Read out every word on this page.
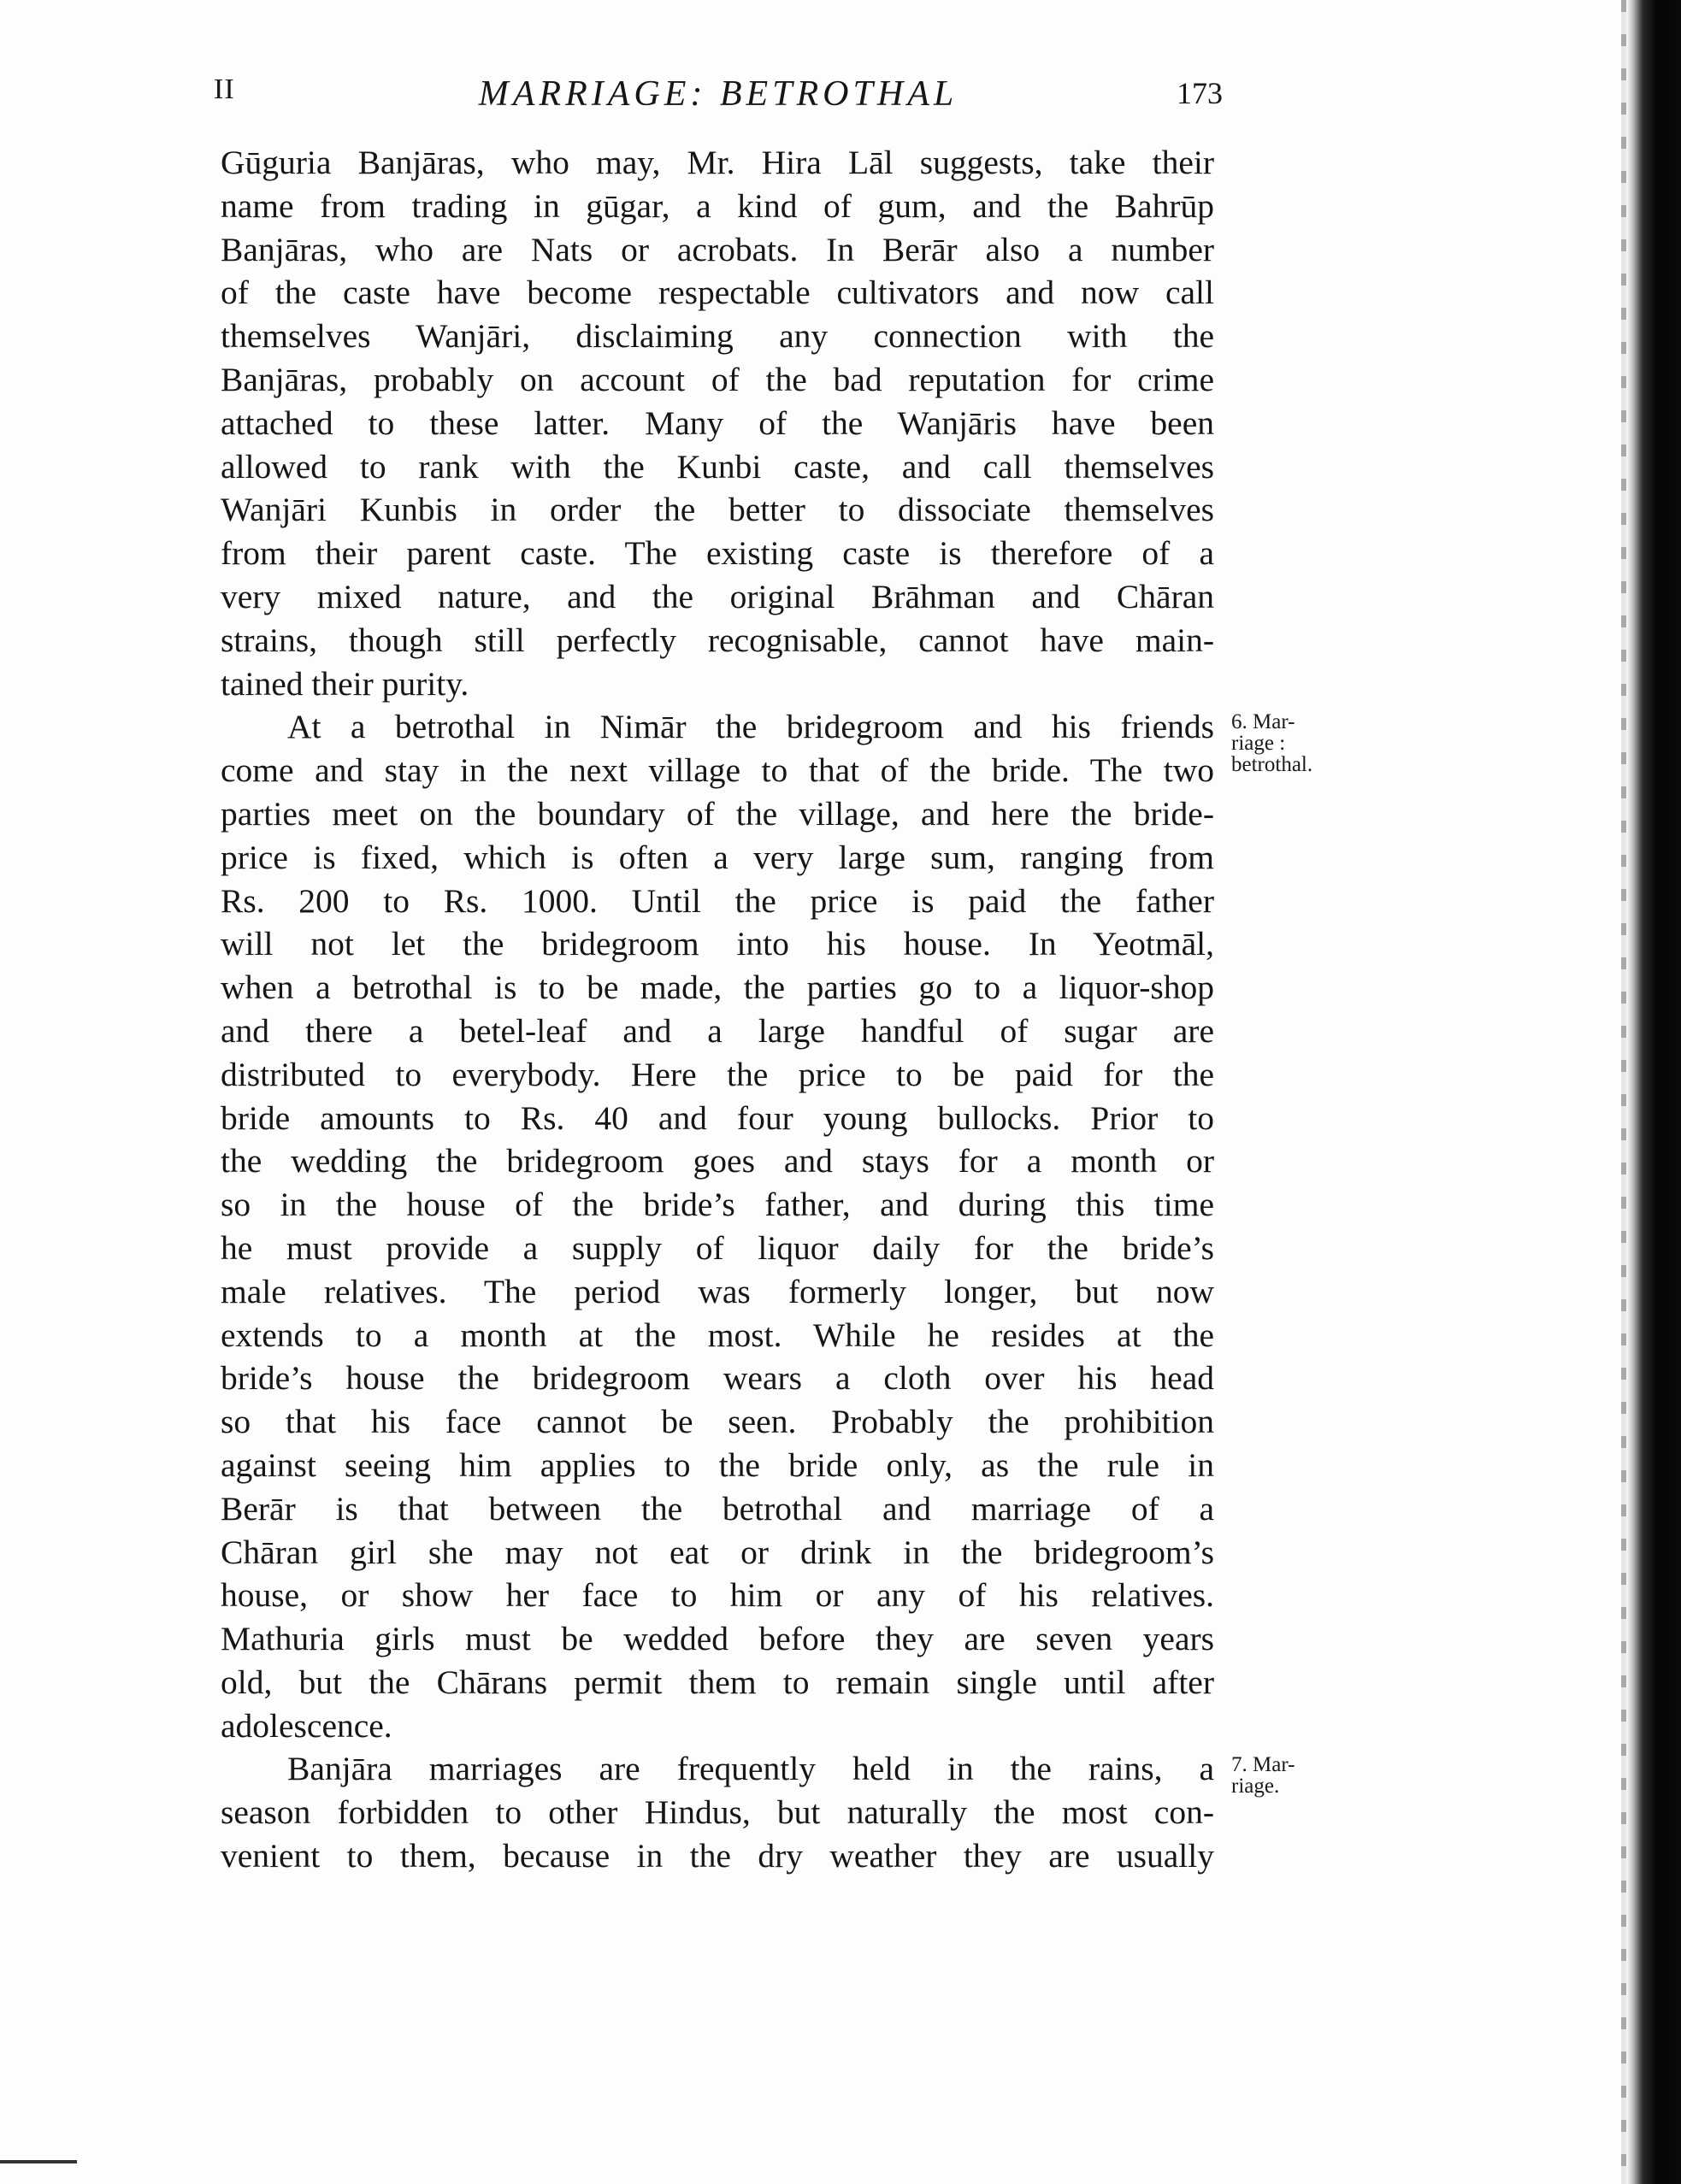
II	MARRIAGE: BETROTHAL	173
Gūguria Banjāras, who may, Mr. Hira Lāl suggests, take their
name from trading in gūgar, a kind of gum, and the Bahrūp
Banjāras, who are Nats or acrobats. In Berār also a number
of the caste have become respectable cultivators and now call
themselves Wanjāri, disclaiming any connection with the
Banjāras, probably on account of the bad reputation for crime
attached to these latter. Many of the Wanjāris have been
allowed to rank with the Kunbi caste, and call themselves
Wanjāri Kunbis in order the better to dissociate themselves
from their parent caste. The existing caste is therefore of a
very mixed nature, and the original Brāhman and Chāran
strains, though still perfectly recognisable, cannot have main-
tained their purity.
At a betrothal in Nimār the bridegroom and his friends
come and stay in the next village to that of the bride. The two
parties meet on the boundary of the village, and here the bride-
price is fixed, which is often a very large sum, ranging from
Rs. 200 to Rs. 1000. Until the price is paid the father
will not let the bridegroom into his house. In Yeotmāl,
when a betrothal is to be made, the parties go to a liquor-shop
and there a betel-leaf and a large handful of sugar are
distributed to everybody. Here the price to be paid for the
bride amounts to Rs. 40 and four young bullocks. Prior to
the wedding the bridegroom goes and stays for a month or
so in the house of the bride’s father, and during this time
he must provide a supply of liquor daily for the bride’s
male relatives. The period was formerly longer, but now
extends to a month at the most. While he resides at the
bride’s house the bridegroom wears a cloth over his head
so that his face cannot be seen. Probably the prohibition
against seeing him applies to the bride only, as the rule in
Berār is that between the betrothal and marriage of a
Chāran girl she may not eat or drink in the bridegroom’s
house, or show her face to him or any of his relatives.
Mathuria girls must be wedded before they are seven years
old, but the Chārans permit them to remain single until after
adolescence.
Banjāra marriages are frequently held in the rains, a
season forbidden to other Hindus, but naturally the most con-
venient to them, because in the dry weather they are usually
6. Mar-
riage :
betrothal.
7. Mar-
riage.
